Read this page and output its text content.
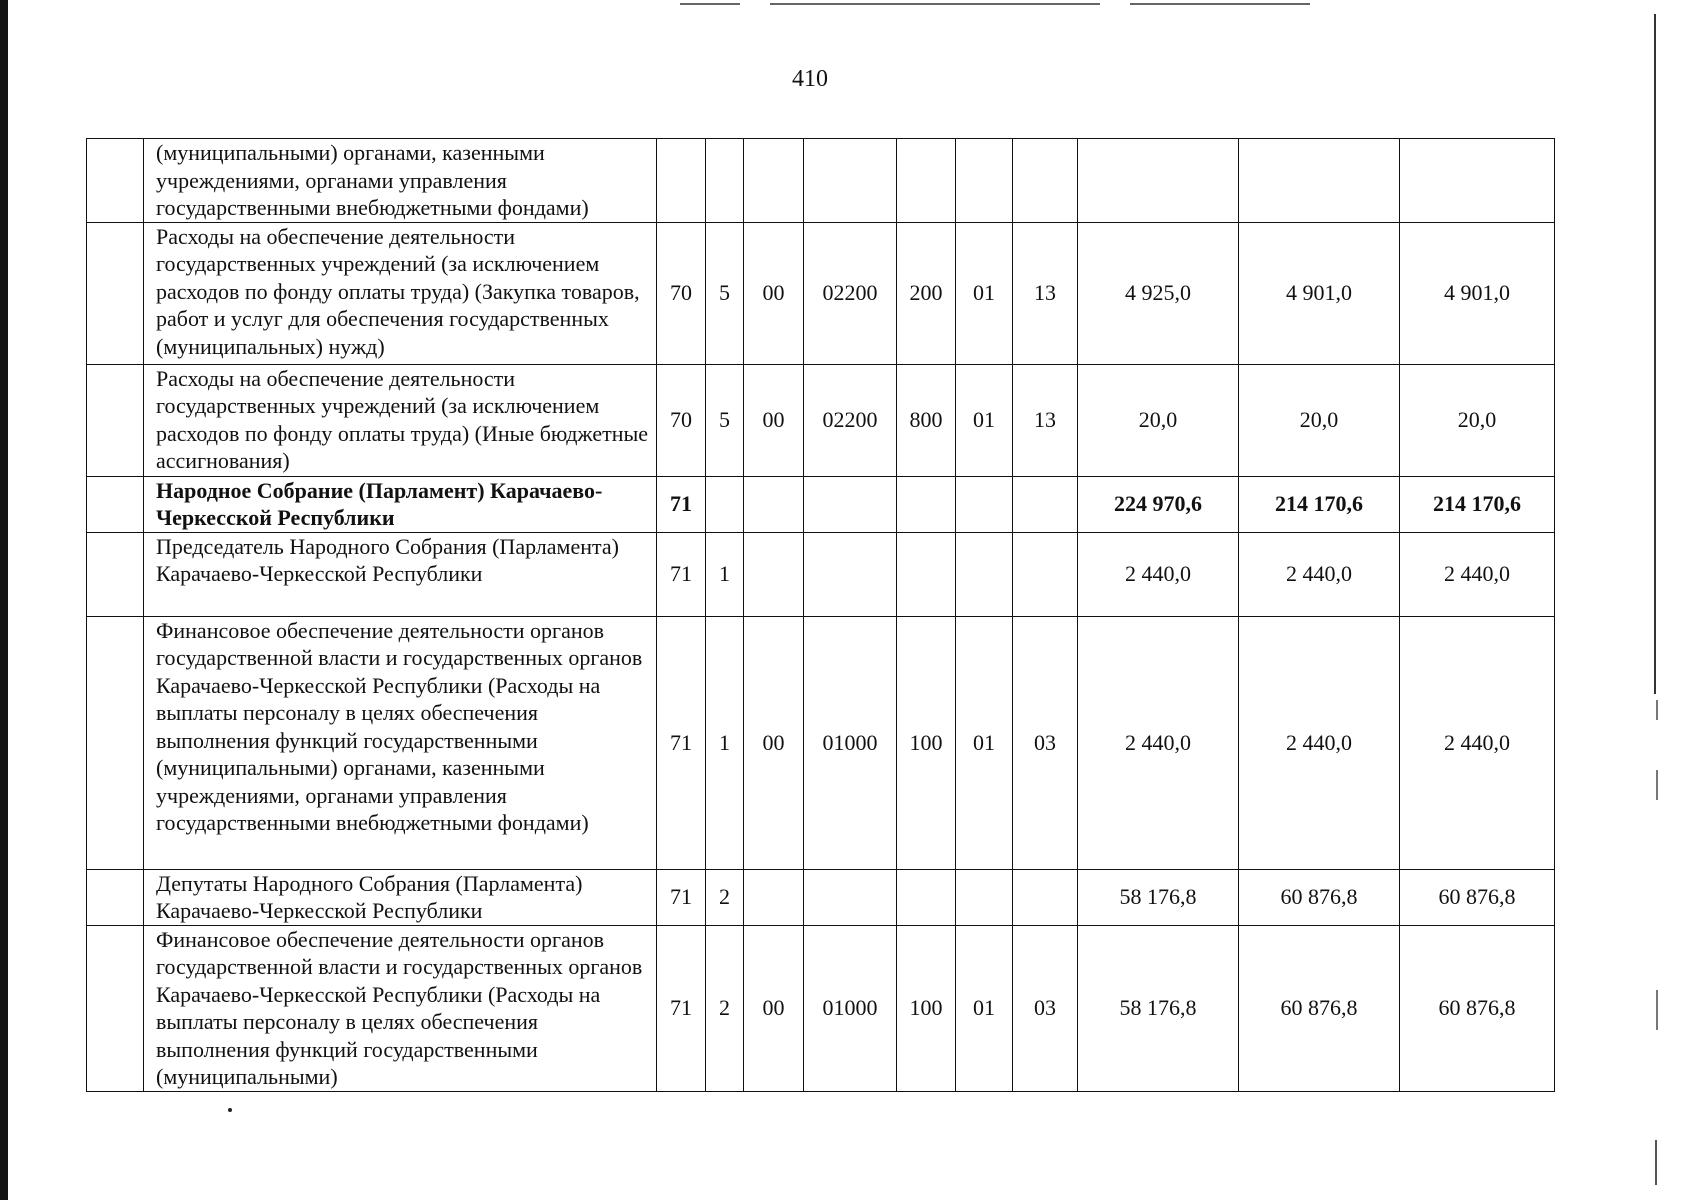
410
	(муниципальными) органами, казенными учреждениями, органами управления государственными внебюджетными фондами)										
	Расходы на обеспечение деятельности государственных учреждений (за исключением расходов по фонду оплаты труда) (Закупка товаров, работ и услуг для обеспечения государственных (муниципальных) нужд)	70	5	00	02200	200	01	13	4 925,0	4 901,0	4 901,0
	Расходы на обеспечение деятельности государственных учреждений (за исключением расходов по фонду оплаты труда) (Иные бюджетные ассигнования)	70	5	00	02200	800	01	13	20,0	20,0	20,0
	Народное Собрание (Парламент) Карачаево-Черкесской Республики	71							224 970,6	214 170,6	214 170,6
	Председатель Народного Собрания (Парламента) Карачаево-Черкесской Республики	71	1						2 440,0	2 440,0	2 440,0
	Финансовое обеспечение деятельности органов государственной власти и государственных органов Карачаево-Черкесской Республики (Расходы на выплаты персоналу в целях обеспечения выполнения функций государственными (муниципальными) органами, казенными учреждениями, органами управления государственными внебюджетными фондами)	71	1	00	01000	100	01	03	2 440,0	2 440,0	2 440,0
	Депутаты Народного Собрания (Парламента) Карачаево-Черкесской Республики	71	2						58 176,8	60 876,8	60 876,8
	Финансовое обеспечение деятельности органов государственной власти и государственных органов Карачаево-Черкесской Республики (Расходы на выплаты персоналу в целях обеспечения выполнения функций государственными (муниципальными)	71	2	00	01000	100	01	03	58 176,8	60 876,8	60 876,8
